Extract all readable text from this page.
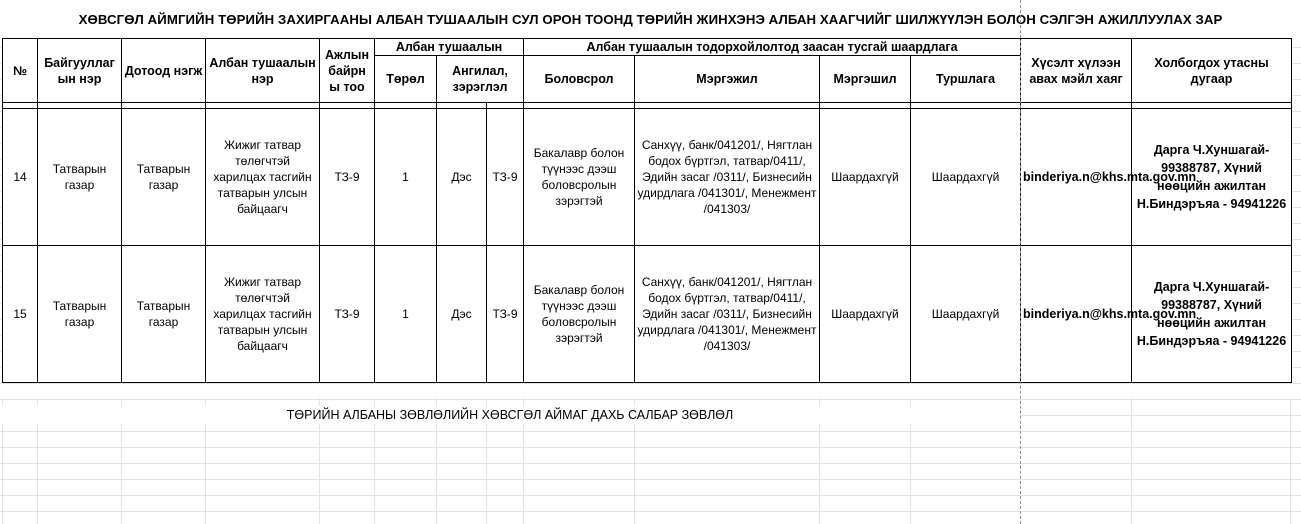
ХӨВСГӨЛ АЙМГИЙН ТӨРИЙН ЗАХИРГААНЫ АЛБАН ТУШААЛЫН СУЛ ОРОН ТООНД ТӨРИЙН ЖИНХЭНЭ АЛБАН ХААГЧИЙГ ШИЛЖҮҮЛЭН БОЛОН СЭЛГЭН АЖИЛЛУУЛАХ ЗАР
№	Байгууллаг ын нэр	Дотоод нэгж	Албан тушаалын нэр	Ажлын байрн ы тоо	Албан тушаалын			Албан тушаалын тодорхойлолтод заасан тусгай шаардлага				Хүсэлт хүлээн авах мэйл хаяг	Холбогдох утасны дугаар
					Төрөл	Ангилал, зэрэглэл		Боловсрол	Мэргэжил	Мэргэшил	Туршлага		

14	Татварын газар	Татварын газар	Жижиг татвар төлөгчтэй харилцах тасгийн татварын улсын байцаагч	ТЗ-9	1	Дэс	ТЗ-9	Бакалавр болон түүнээс дээш боловсролын зэрэгтэй	Санхүү, банк/041201/, Нягтлан бодох бүртгэл, татвар/0411/, Эдийн засаг /0311/, Бизнесийн удирдлага /041301/, Менежмент /041303/	Шаардахгүй	Шаардахгүй	binderiya.n@khs.mta.gov.mn	Дарга Ч.Хуншагай- 99388787, Хүний нөөцийн ажилтан Н.Биндэръяа - 94941226
15	Татварын газар	Татварын газар	Жижиг татвар төлөгчтэй харилцах тасгийн татварын улсын байцаагч	ТЗ-9	1	Дэс	ТЗ-9	Бакалавр болон түүнээс дээш боловсролын зэрэгтэй	Санхүү, банк/041201/, Нягтлан бодох бүртгэл, татвар/0411/, Эдийн засаг /0311/, Бизнесийн удирдлага /041301/, Менежмент /041303/	Шаардахгүй	Шаардахгүй	binderiya.n@khs.mta.gov.mn	Дарга Ч.Хуншагай- 99388787, Хүний нөөцийн ажилтан Н.Биндэръяа - 94941226
ТӨРИЙН АЛБАНЫ ЗӨВЛӨЛИЙН ХӨВСГӨЛ АЙМАГ ДАХЬ САЛБАР ЗӨВЛӨЛ
